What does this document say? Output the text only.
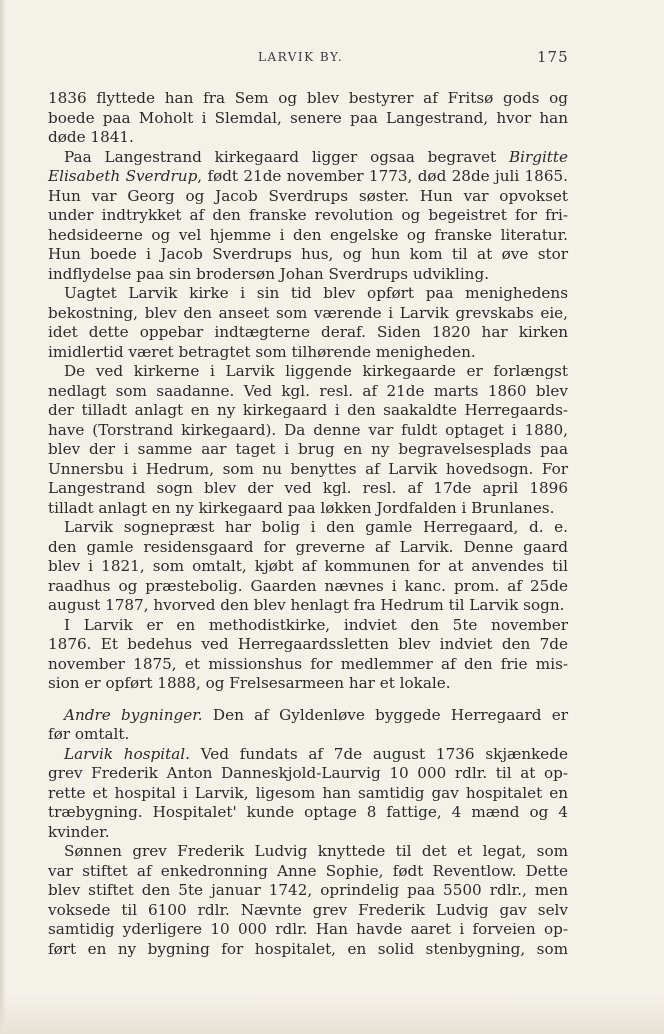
LARVIK BY.	175
1836 flyttede han fra Sem og blev bestyrer af Fritsø gods og
boede paa Moholt i Slemdal, senere paa Langestrand, hvor han
døde 1841.
Paa Langestrand kirkegaard ligger ogsaa begravet Birgitte
Elisabeth Sverdrup, født 21de november 1773, død 28de juli 1865.
Hun var Georg og Jacob Sverdrups søster. Hun var opvokset
under indtrykket af den franske revolution og begeistret for fri-
hedsideerne og vel hjemme i den engelske og franske literatur.
Hun boede i Jacob Sverdrups hus, og hun kom til at øve stor
indflydelse paa sin brodersøn Johan Sverdrups udvikling.
Uagtet Larvik kirke i sin tid blev opført paa menighedens
bekostning, blev den anseet som værende i Larvik grevskabs eie,
idet dette oppebar indtægterne deraf. Siden 1820 har kirken
imidlertid været betragtet som tilhørende menigheden.
De ved kirkerne i Larvik liggende kirkegaarde er forlængst
nedlagt som saadanne. Ved kgl. resl. af 21de marts 1860 blev
der tilladt anlagt en ny kirkegaard i den saakaldte Herregaards-
have (Torstrand kirkegaard). Da denne var fuldt optaget i 1880,
blev der i samme aar taget i brug en ny begravelsesplads paa
Unnersbu i Hedrum, som nu benyttes af Larvik hovedsogn. For
Langestrand sogn blev der ved kgl. resl. af 17de april 1896
tilladt anlagt en ny kirkegaard paa løkken Jordfalden i Brunlanes.
Larvik sognepræst har bolig i den gamle Herregaard, d. e.
den gamle residensgaard for greverne af Larvik. Denne gaard
blev i 1821, som omtalt, kjøbt af kommunen for at anvendes til
raadhus og præstebolig. Gaarden nævnes i kanc. prom. af 25de
august 1787, hvorved den blev henlagt fra Hedrum til Larvik sogn.
I Larvik er en methodistkirke, indviet den 5te november
1876. Et bedehus ved Herregaardssletten blev indviet den 7de
november 1875, et missionshus for medlemmer af den frie mis-
sion er opført 1888, og Frelsesarmeen har et lokale.
Andre bygninger. Den af Gyldenløve byggede Herregaard er
før omtalt.
Larvik hospital. Ved fundats af 7de august 1736 skjænkede
grev Frederik Anton Danneskjold-Laurvig 10 000 rdlr. til at op-
rette et hospital i Larvik, ligesom han samtidig gav hospitalet en
træbygning. Hospitalet' kunde optage 8 fattige, 4 mænd og 4
kvinder.
Sønnen grev Frederik Ludvig knyttede til det et legat, som
var stiftet af enkedronning Anne Sophie, født Reventlow. Dette
blev stiftet den 5te januar 1742, oprindelig paa 5500 rdlr., men
voksede til 6100 rdlr. Nævnte grev Frederik Ludvig gav selv
samtidig yderligere 10 000 rdlr. Han havde aaret i forveien op-
ført en ny bygning for hospitalet, en solid stenbygning, som
